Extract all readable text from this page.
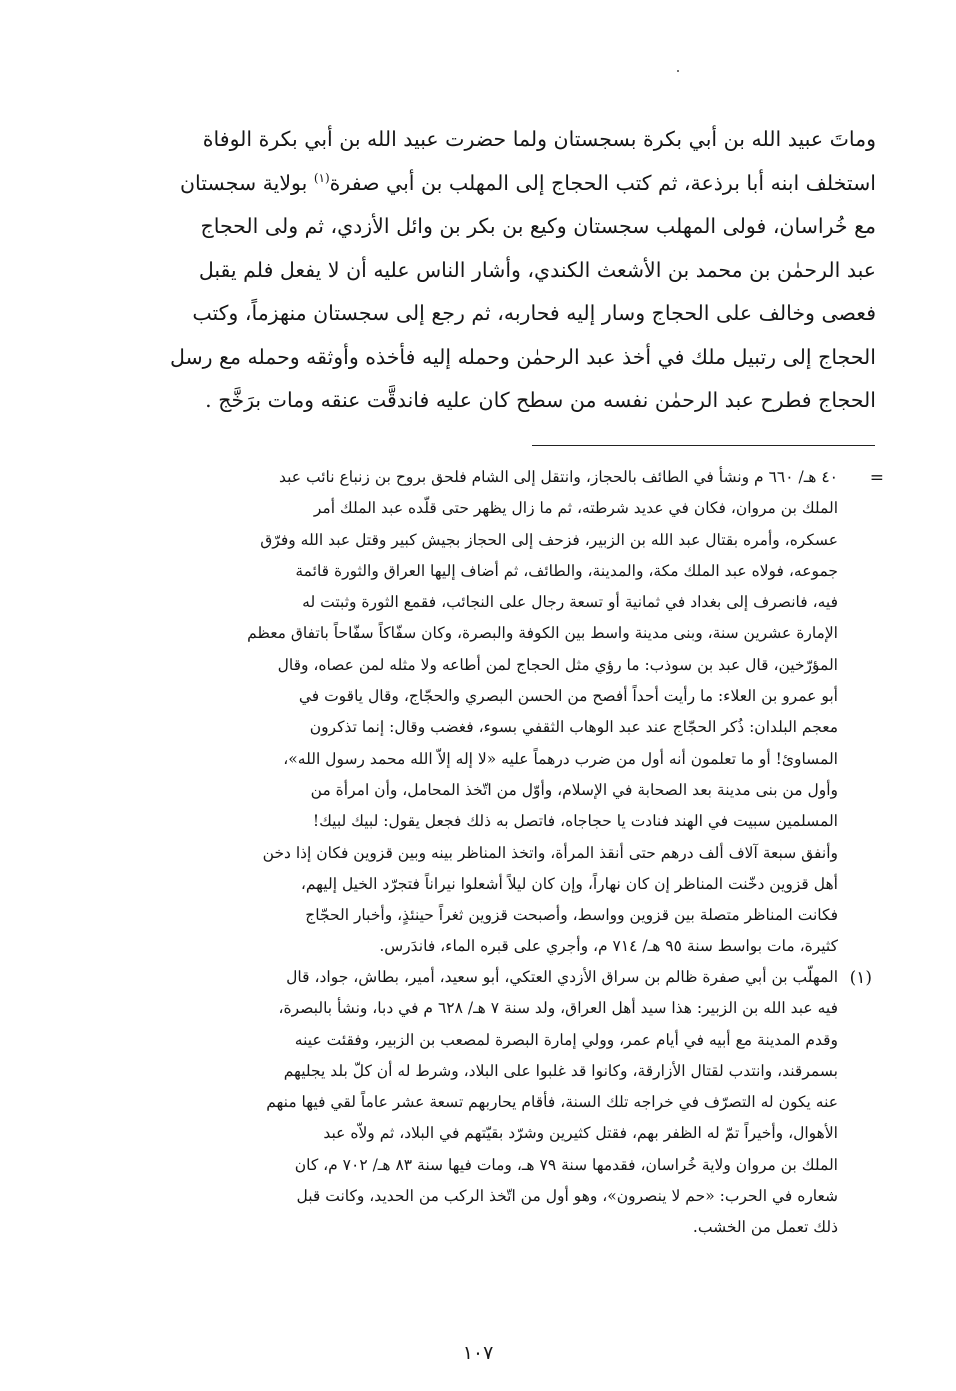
وماتَ عبيد الله بن أبي بكرة بسجستان ولما حضرت عبيد الله بن أبي بكرة الوفاة
استخلف ابنه أبا برذعة، ثم كتب الحجاج إلى المهلب بن أبي صفرة$^{(١)}$ بولاية سجستان
مع خُراسان، فولى المهلب سجستان وكيع بن بكر بن وائل الأزدي، ثم ولى الحجاج
عبد الرحمٰن بن محمد بن الأشعث الكندي، وأشار الناس عليه أن لا يفعل فلم يقبل
فعصى وخالف على الحجاج وسار إليه فحاربه، ثم رجع إلى سجستان منهزماً، وكتب
الحجاج إلى رتبيل ملك في أخذ عبد الرحمٰن وحمله إليه فأخذه وأوثقه وحمله مع رسل
الحجاج فطرح عبد الرحمٰن نفسه من سطح كان عليه فاندقَّت عنقه ومات برَخَّج .
=
٤٠ هـ/ ٦٦٠ م ونشأ في الطائف بالحجاز، وانتقل إلى الشام فلحق بروح بن زنباع نائب عبد
الملك بن مروان، فكان في عديد شرطته، ثم ما زال يظهر حتى قلّده عبد الملك أمر
عسكره، وأمره بقتال عبد الله بن الزبير، فزحف إلى الحجاز بجيش كبير وقتل عبد الله وفرّق
جموعه، فولاه عبد الملك مكة، والمدينة، والطائف، ثم أضاف إليها العراق والثورة قائمة
فيه، فانصرف إلى بغداد في ثمانية أو تسعة رجال على النجائب، فقمع الثورة وثبتت له
الإمارة عشرين سنة، وبنى مدينة واسط بين الكوفة والبصرة، وكان سفّاكاً سفّاحاً باتفاق معظم
المؤرّخين، قال عبد بن سوذب: ما رؤي مثل الحجاج لمن أطاعه ولا مثله لمن عصاه، وقال
أبو عمرو بن العلاء: ما رأيت أحداً أفصح من الحسن البصري والحجّاج، وقال ياقوت في
معجم البلدان: ذُكر الحجّاج عند عبد الوهاب الثقفي بسوء، فغضب وقال: إنما تذكرون
المساوئ! أو ما تعلمون أنه أول من ضرب درهماً عليه «لا إله إلاّ الله محمد رسول الله»،
وأول من بنى مدينة بعد الصحابة في الإسلام، وأوّل من اتّخذ المحامل، وأن امرأة من
المسلمين سبيت في الهند فنادت يا حجاجاه، فاتصل به ذلك فجعل يقول: لبيك لبيك!
وأنفق سبعة آلاف ألف درهم حتى أنقذ المرأة، واتخذ المناظر بينه وبين قزوين فكان إذا دخن
أهل قزوين دخّنت المناظر إن كان نهاراً، وإن كان ليلاً أشعلوا نيراناً فتجرّد الخيل إليهم،
فكانت المناظر متصلة بين قزوين وواسط، وأصبحت قزوين ثغراً حينئذٍ، وأخبار الحجّاج
كثيرة، مات بواسط سنة ٩٥ هـ/ ٧١٤ م، وأجري على قبره الماء، فاندَرس.
(١)
المهلّب بن أبي صفرة ظالم بن سراق الأزدي العتكي، أبو سعيد، أمير، بطاش، جواد، قال
فيه عبد الله بن الزبير: هذا سيد أهل العراق، ولد سنة ٧ هـ/ ٦٢٨ م في دبا، ونشأ بالبصرة،
وقدم المدينة مع أبيه في أيام عمر، وولي إمارة البصرة لمصعب بن الزبير، وفقئت عينه
بسمرقند، وانتدب لقتال الأزارقة، وكانوا قد غلبوا على البلاد، وشرط له أن كلّ بلد يجليهم
عنه يكون له التصرّف في خراجه تلك السنة، فأقام يحاربهم تسعة عشر عاماً لقي فيها منهم
الأهوال، وأخيراً تمّ له الظفر بهم، فقتل كثيرين وشرّد بقيّتهم في البلاد، ثم ولاّه عبد
الملك بن مروان ولاية خُراسان، فقدمها سنة ٧٩ هـ، ومات فيها سنة ٨٣ هـ/ ٧٠٢ م، كان
شعاره في الحرب: «حم لا ينصرون»، وهو أول من اتّخذ الركب من الحديد، وكانت قبل
ذلك تعمل من الخشب.
١٠٧
